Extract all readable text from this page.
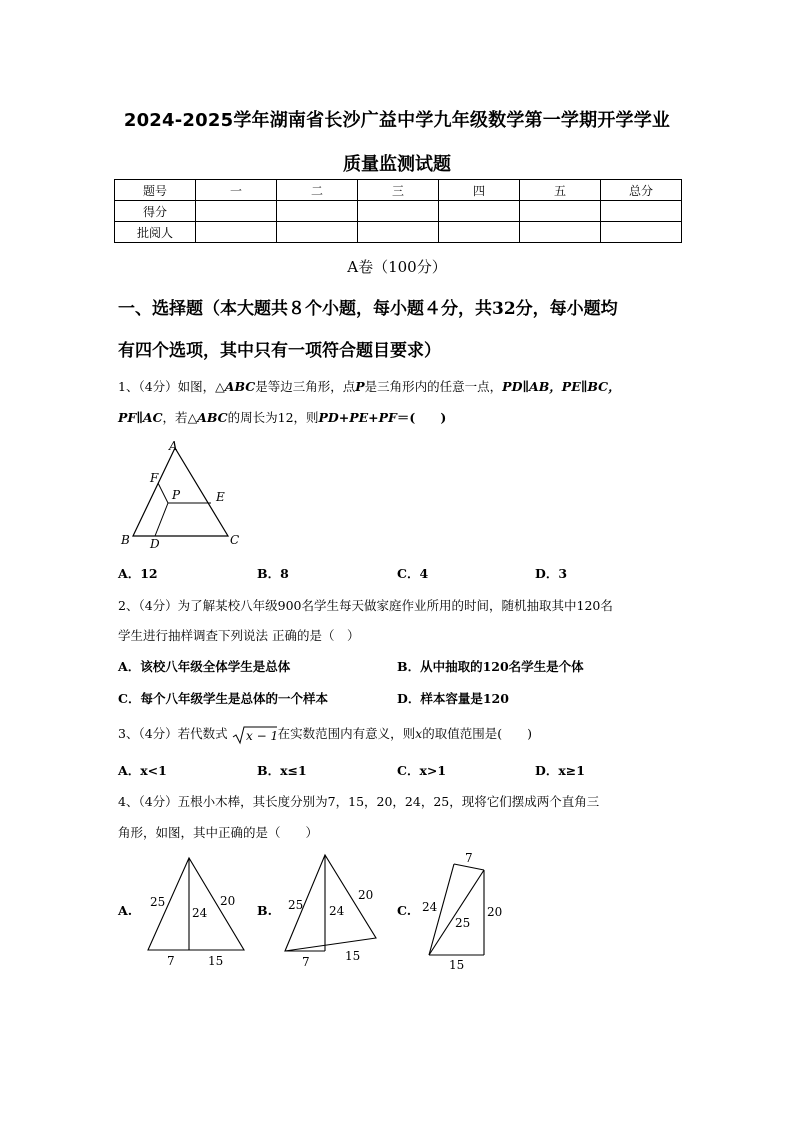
2024-2025学年湖南省长沙广益中学九年级数学第一学期开学学业
质量监测试题
题号	一	二	三	四	五	总分
得分						
批阅人						
A卷（100分）
一、选择题（本大题共８个小题，每小题４分，共32分，每小题均
有四个选项，其中只有一项符合题目要求）
1、（4分）如图，△ABC是等边三角形，点P是三角形内的任意一点，PD∥AB，PE∥BC，
PF∥AC，若△ABC的周长为12，则PD+PE+PF＝(　　)
A
F
P	E
B D	C
A．12	B．8	C．4	D．3
2、（4分）为了解某校八年级900名学生每天做家庭作业所用的时间，随机抽取其中120名
学生进行抽样调查下列说法 正确的是（　）
A．该校八年级全体学生是总体	B．从中抽取的120名学生是个体
C．每个八年级学生是总体的一个样本	D．样本容量是120
3、（4分）若代数式 x − 1 在实数范围内有意义，则x的取值范围是(　　)
A．x<1	B．x≤1	C．x>1	D．x≥1
4、（4分）五根小木棒，其长度分别为7，15，20，24，25，现将它们摆成两个直角三
角形，如图，其中正确的是（　　）
A.
25
24
20
7	15
B. 25 24
20
7	15
C.
7
24
25
20
15
